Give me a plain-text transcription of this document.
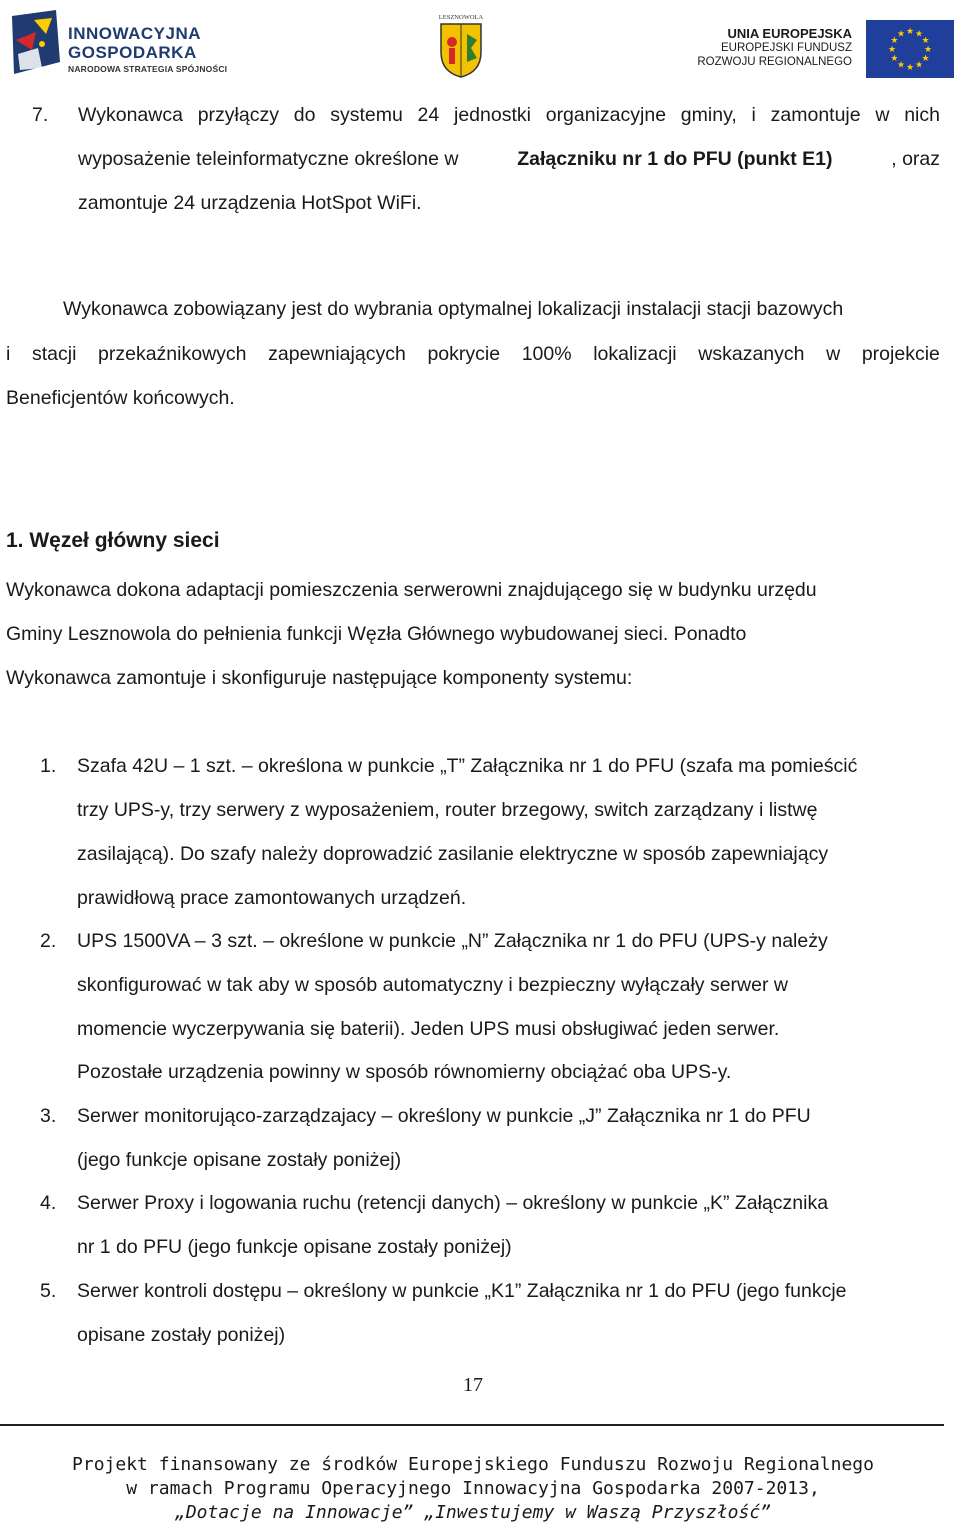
INNOWACYJNA
GOSPODARKA
NARODOWA STRATEGIA SPÓJNOŚCI
LESZNOWOLA
UNIA EUROPEJSKA
EUROPEJSKI FUNDUSZ
ROZWOJU REGIONALNEGO
★
★
★
★
★
★
★
★
★ ★ ★
★
7. Wykonawca przyłączy do systemu 24 jednostki organizacyjne gminy, i zamontuje w nich
wyposażenie teleinformatyczne określone w	Załączniku nr 1 do PFU (punkt E1)	, oraz
zamontuje 24 urządzenia HotSpot WiFi.
Wykonawca zobowiązany jest do wybrania optymalnej lokalizacji instalacji stacji bazowych
i stacji przekaźnikowych zapewniających pokrycie 100% lokalizacji wskazanych w projekcie
Beneficjentów końcowych.
1. Węzeł główny sieci
Wykonawca dokona adaptacji pomieszczenia serwerowni znajdującego się w budynku urzędu
Gminy Lesznowola do pełnienia funkcji Węzła Głównego wybudowanej sieci. Ponadto
Wykonawca zamontuje i skonfiguruje następujące komponenty systemu:
1. Szafa 42U – 1 szt. – określona w punkcie „T” Załącznika nr 1 do PFU (szafa ma pomieścić
trzy UPS-y, trzy serwery z wyposażeniem, router brzegowy, switch zarządzany i listwę
zasilającą). Do szafy należy doprowadzić zasilanie elektryczne w sposób zapewniający
prawidłową prace zamontowanych urządzeń.
2. UPS 1500VA – 3 szt. – określone w punkcie „N” Załącznika nr 1 do PFU (UPS-y należy
skonfigurować w tak aby w sposób automatyczny i bezpieczny wyłączały serwer w
momencie wyczerpywania się baterii). Jeden UPS musi obsługiwać jeden serwer.
Pozostałe urządzenia powinny w sposób równomierny obciążać oba UPS-y.
3. Serwer monitorująco-zarządzajacy – określony w punkcie „J” Załącznika nr 1 do PFU
(jego funkcje opisane zostały poniżej)
4. Serwer Proxy i logowania ruchu (retencji danych) – określony w punkcie „K” Załącznika
nr 1 do PFU (jego funkcje opisane zostały poniżej)
5. Serwer kontroli dostępu – określony w punkcie „K1” Załącznika nr 1 do PFU (jego funkcje
opisane zostały poniżej)
17
Projekt finansowany ze środków Europejskiego Funduszu Rozwoju Regionalnego
w ramach Programu Operacyjnego Innowacyjna Gospodarka 2007-2013,
„Dotacje na Innowacje” „Inwestujemy w Waszą Przyszłość”
